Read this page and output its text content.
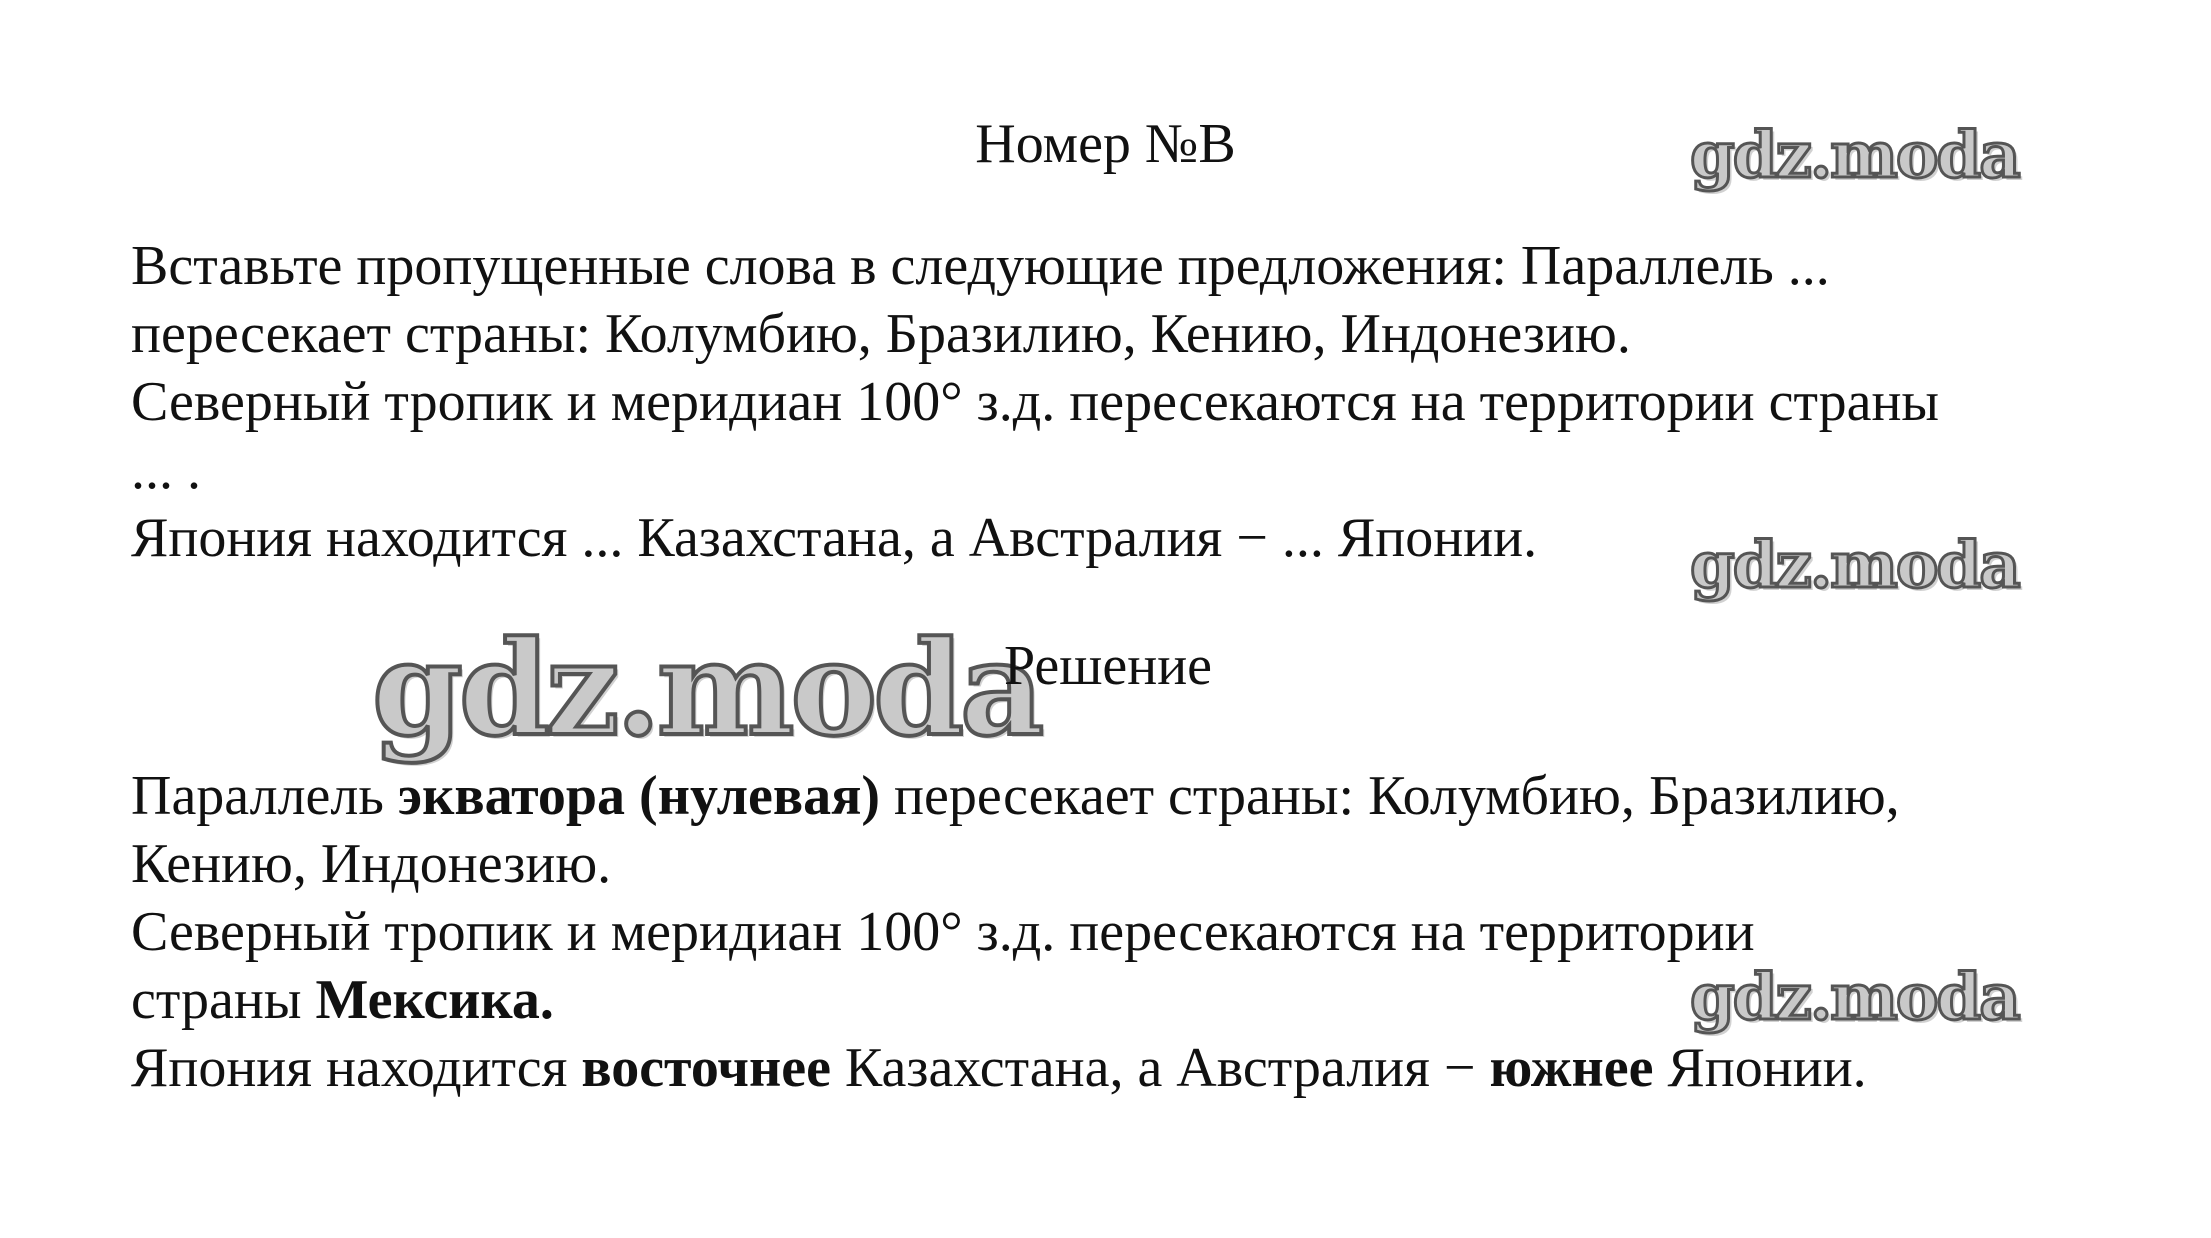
Номер №В	gdz.moda
Вставьте пропущенные слова в следующие предложения: Параллель ...
пересекает страны: Колумбию, Бразилию, Кению, Индонезию.
Северный тропик и меридиан 100° з.д. пересекаются на территории страны
... .
Япония находится ... Казахстана, а Австралия − ... Японии. gdz.moda
gdz.moda
Решение
Параллель экватора (нулевая) пересекает страны: Колумбию, Бразилию,
Кению, Индонезию.
Северный тропик и меридиан 100° з.д. пересекаются на территории
страны Мексика.	gdz.moda
Япония находится восточнее Казахстана, а Австралия − южнее Японии.
